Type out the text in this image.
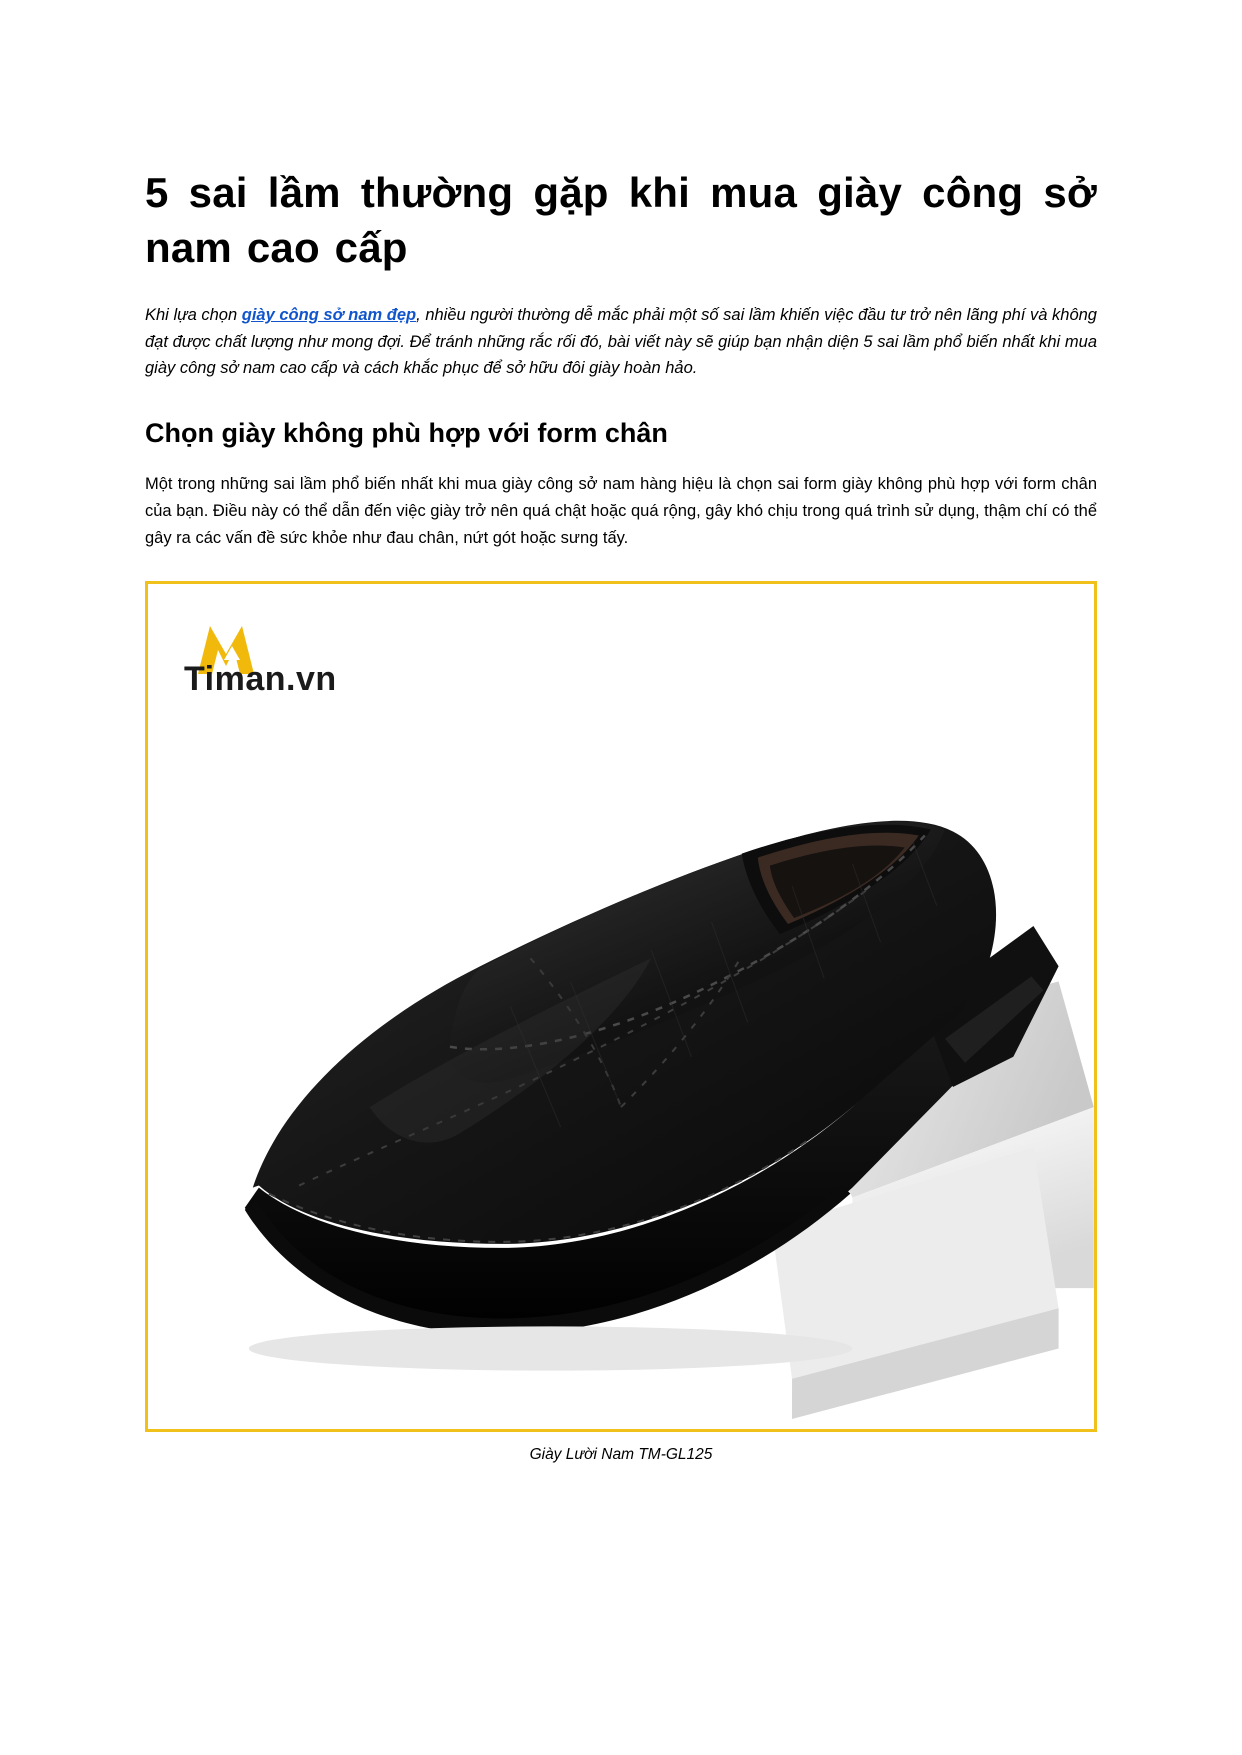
5 sai lầm thường gặp khi mua giày công sở nam cao cấp

Khi lựa chọn giày công sở nam đẹp, nhiều người thường dễ mắc phải một số sai lầm khiến việc đầu tư trở nên lãng phí và không đạt được chất lượng như mong đợi. Để tránh những rắc rối đó, bài viết này sẽ giúp bạn nhận diện 5 sai lầm phổ biến nhất khi mua giày công sở nam cao cấp và cách khắc phục để sở hữu đôi giày hoàn hảo.

Chọn giày không phù hợp với form chân

Một trong những sai lầm phổ biến nhất khi mua giày công sở nam hàng hiệu là chọn sai form giày không phù hợp với form chân của bạn. Điều này có thể dẫn đến việc giày trở nên quá chật hoặc quá rộng, gây khó chịu trong quá trình sử dụng, thậm chí có thể gây ra các vấn đề sức khỏe như đau chân, nứt gót hoặc sưng tấy.

Timan.vn
Giày Lười Nam TM-GL125
